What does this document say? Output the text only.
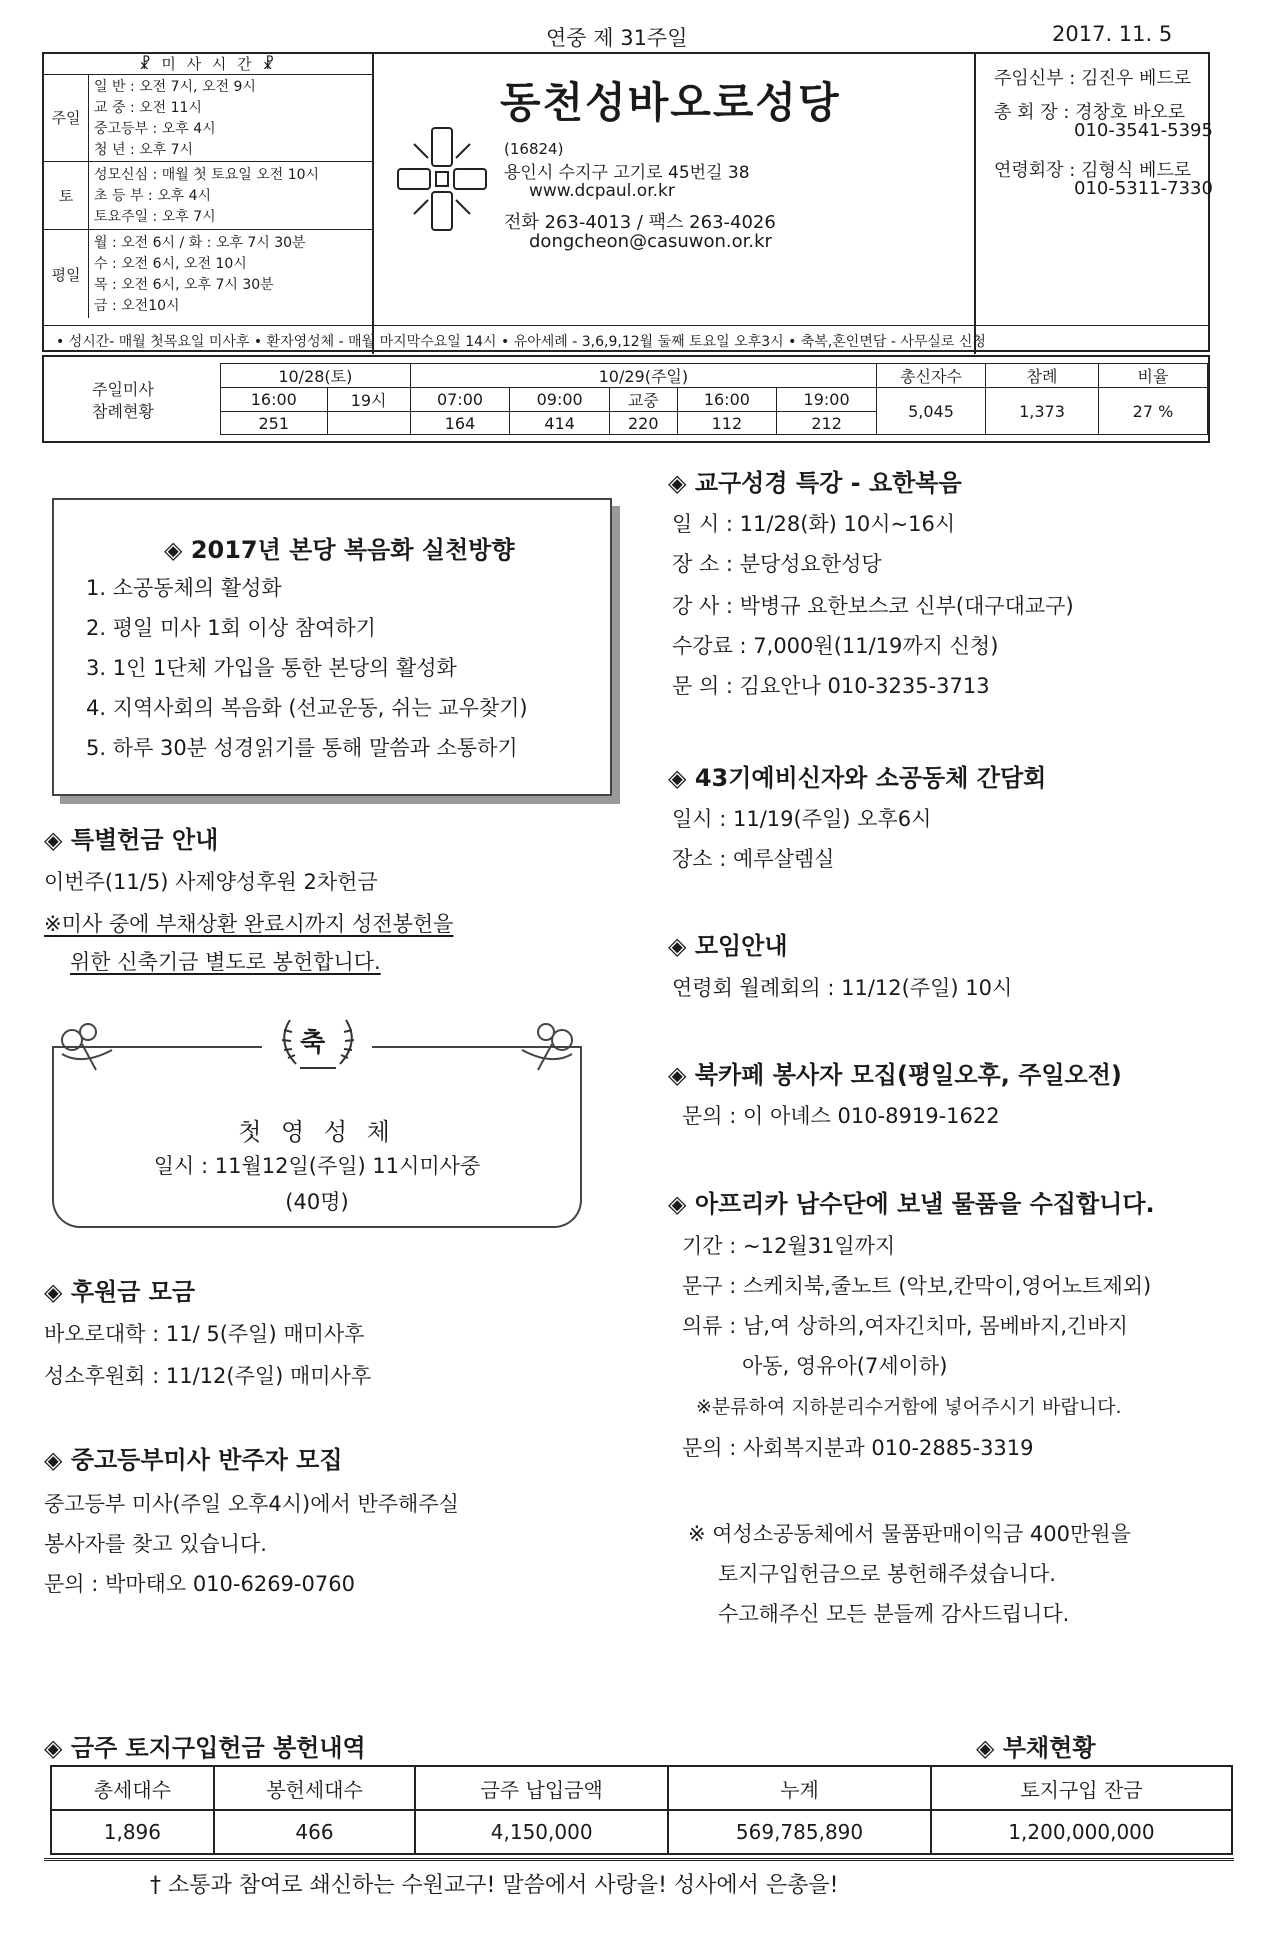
연중 제 31주일	2017. 11. 5
☧ 미 사 시 간 ☧
주일
일 반 : 오전 7시, 오전 9시
교 중 : 오전 11시
중고등부 : 오후 4시
청 년 : 오후 7시
토
성모신심 : 매월 첫 토요일 오전 10시
초 등 부 : 오후 4시
토요주일 : 오후 7시
평일
월 : 오전 6시 / 화 : 오후 7시 30분
수 : 오전 6시, 오전 10시
목 : 오전 6시, 오후 7시 30분
금 : 오전10시
동천성바오로성당
(16824)
용인시 수지구 고기로 45번길 38
www.dcpaul.or.kr
전화 263-4013 / 팩스 263-4026
dongcheon@casuwon.or.kr
주임신부 : 김진우 베드로
총 회 장 : 경창호 바오로
010-3541-5395
연령회장 : 김형식 베드로
010-5311-7330
• 성시간- 매월 첫목요일 미사후 • 환자영성체 - 매월 마지막수요일 14시 • 유아세례 - 3,6,9,12월 둘째 토요일 오후3시 • 축복,혼인면담 - 사무실로 신청
주일미사
참례현황
10/28(토)		10/29(주일)					총신자수	참례	비율
16:00	19시	07:00	09:00	교중	16:00	19:00	5,045	1,373	27 %
251		164	414	220	112	212			
◈ 2017년 본당 복음화 실천방향
1. 소공동체의 활성화
2. 평일 미사 1회 이상 참여하기
3. 1인 1단체 가입을 통한 본당의 활성화
4. 지역사회의 복음화 (선교운동, 쉬는 교우찾기)
5. 하루 30분 성경읽기를 통해 말씀과 소통하기
◈ 특별헌금 안내
이번주(11/5) 사제양성후원 2차헌금
※미사 중에 부채상환 완료시까지 성전봉헌을
위한 신축기금 별도로 봉헌합니다.
축
첫 영 성 체
일시 : 11월12일(주일) 11시미사중
(40명)
◈ 후원금 모금
바오로대학 : 11/ 5(주일) 매미사후
성소후원회 : 11/12(주일) 매미사후
◈ 중고등부미사 반주자 모집
중고등부 미사(주일 오후4시)에서 반주해주실
봉사자를 찾고 있습니다.
문의 : 박마태오 010-6269-0760
◈ 교구성경 특강 - 요한복음
일 시 : 11/28(화) 10시~16시
장 소 : 분당성요한성당
강 사 : 박병규 요한보스코 신부(대구대교구)
수강료 : 7,000원(11/19까지 신청)
문 의 : 김요안나 010-3235-3713
◈ 43기예비신자와 소공동체 간담회
일시 : 11/19(주일) 오후6시
장소 : 예루살렘실
◈ 모임안내
연령회 월례회의 : 11/12(주일) 10시
◈ 북카페 봉사자 모집(평일오후, 주일오전)
문의 : 이 아녜스 010-8919-1622
◈ 아프리카 남수단에 보낼 물품을 수집합니다.
기간 : ~12월31일까지
문구 : 스케치북,줄노트 (악보,칸막이,영어노트제외)
의류 : 남,여 상하의,여자긴치마, 몸베바지,긴바지
아동, 영유아(7세이하)
※분류하여 지하분리수거함에 넣어주시기 바랍니다.
문의 : 사회복지분과 010-2885-3319
※ 여성소공동체에서 물품판매이익금 400만원을
토지구입헌금으로 봉헌해주셨습니다.
수고해주신 모든 분들께 감사드립니다.
◈ 금주 토지구입헌금 봉헌내역	◈ 부채현황
총세대수	봉헌세대수	금주 납입금액	누계	토지구입 잔금
1,896	466	4,150,000	569,785,890	1,200,000,000
† 소통과 참여로 쇄신하는 수원교구! 말씀에서 사랑을! 성사에서 은총을!
